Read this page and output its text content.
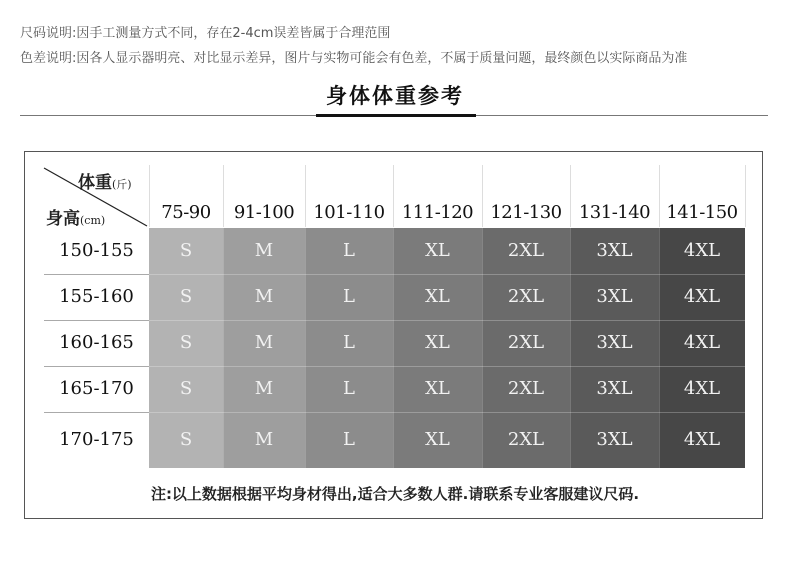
尺码说明:因手工测量方式不同，存在2-4cm误差皆属于合理范围
色差说明:因各人显示器明亮、对比显示差异，图片与实物可能会有色差，不属于质量问题，最终颜色以实际商品为准
身体体重参考
体重(斤)
身高(cm)	75-90	91-100	101-110 111-120 121-130 131-140 141-150
150-155	S	M	L	XL	2XL	3XL	4XL
155-160	S	M	L	XL	2XL	3XL	4XL
160-165	S	M	L	XL	2XL	3XL	4XL
165-170	S	M	L	XL	2XL	3XL	4XL
170-175	S	M	L	XL	2XL	3XL	4XL
注:以上数据根据平均身材得出,适合大多数人群.请联系专业客服建议尺码.
